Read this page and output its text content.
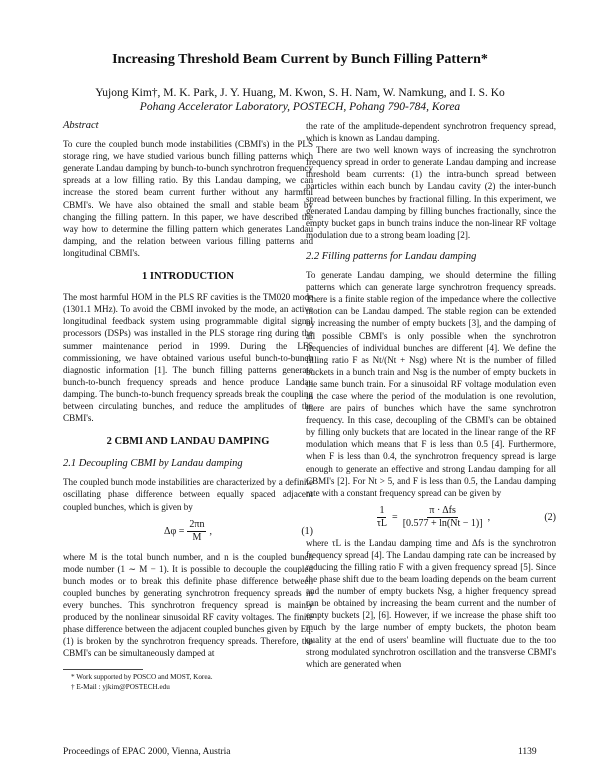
Increasing Threshold Beam Current by Bunch Filling Pattern*
Yujong Kim†, M. K. Park, J. Y. Huang, M. Kwon, S. H. Nam, W. Namkung, and I. S. Ko
Pohang Accelerator Laboratory, POSTECH, Pohang 790-784, Korea
Abstract

To cure the coupled bunch mode instabilities (CBMI's) in the PLS storage ring, we have studied various bunch filling patterns which generate Landau damping by bunch-to-bunch synchrotron frequency spreads at a low filling ratio. By this Landau damping, we can increase the stored beam current further without any harmful CBMI's. We have also obtained the small and stable beam by changing the filling pattern. In this paper, we have described the way how to determine the filling pattern which generates Landau damping, and the relation between various filling patterns and longitudinal CBMI's.

1 INTRODUCTION

The most harmful HOM in the PLS RF cavities is the TM020 mode (1301.1 MHz). To avoid the CBMI invoked by the mode, an active longitudinal feedback system using programmable digital signal processors (DSPs) was installed in the PLS storage ring during the summer maintenance period in 1999. During the LFS commissioning, we have obtained various useful bunch-to-bunch diagnostic information [1]. The bunch filling patterns generate bunch-to-bunch frequency spreads and hence produce Landau damping. The bunch-to-bunch frequency spreads break the coupling between circulating bunches, and reduce the amplitudes of the CBMI's.

2 CBMI AND LANDAU DAMPING
2.1 Decoupling CBMI by Landau damping

The coupled bunch mode instabilities are characterized by a definite oscillating phase difference between equally spaced adjacent coupled bunches, which is given by

$\Delta\varphi = \frac{2\pi n}{M}$ ,	(1)

where M is the total bunch number, and n is the coupled bunch mode number (1 ∼ M − 1). It is possible to decouple the coupled bunch modes or to break this definite phase difference between coupled bunches by generating synchrotron frequency spreads in every bunches. This synchrotron frequency spread is mainly produced by the nonlinear sinusoidal RF cavity voltages. The finite phase difference between the adjacent coupled bunches given by Eq. (1) is broken by the synchrotron frequency spreads. Therefore, the CBMI's can be simultaneously damped at

* Work supported by POSCO and MOST, Korea.
† E-Mail : yjkim@POSTECH.edu

the rate of the amplitude-dependent synchrotron frequency spread, which is known as Landau damping.

There are two well known ways of increasing the synchrotron frequency spread in order to generate Landau damping and increase threshold beam currents: (1) the intra-bunch spread between particles within each bunch by Landau cavity (2) the inter-bunch spread between bunches by fractional filling. In this experiment, we generated Landau damping by filling bunches fractionally, since the empty bucket gaps in bunch trains induce the non-linear RF voltage modulation due to a strong beam loading [2].

2.2 Filling patterns for Landau damping

To generate Landau damping, we should determine the filling patterns which can generate large synchrotron frequency spreads. There is a finite stable region of the impedance where the collective motion can be Landau damped. The stable region can be extended by increasing the number of empty buckets [3], and the damping of all possible CBMI's is only possible when the synchrotron frequencies of individual bunches are different [4]. We define the filling ratio F as Nt/(Nt + Nsg) where Nt is the number of filled buckets in a bunch train and Nsg is the number of empty buckets in the same bunch train. For a sinusoidal RF voltage modulation even in the case where the period of the modulation is one revolution, there are pairs of bunches which have the same synchrotron frequency. In this case, decoupling of the CBMI's can be obtained by filling only buckets that are located in the linear range of the RF modulation which means that F is less than 0.5 [4]. Furthermore, when F is less than 0.4, the synchrotron frequency spread is large enough to generate an effective and strong Landau damping for all CBMI's [2]. For Nt > 5, and F is less than 0.5, the Landau damping rate with a constant frequency spread can be given by

$\frac{1}{\tau L} = \frac{\text{π · Δfs}}{[0.577 + \ln(Nt - 1)]}$ ,	(2)

where τL is the Landau damping time and Δfs is the synchrotron frequency spread [4]. The Landau damping rate can be increased by reducing the filling ratio F with a given frequency spread [5]. Since the phase shift due to the beam loading depends on the beam current and the number of empty buckets Nsg, a higher frequency spread can be obtained by increasing the beam current and the number of empty buckets [2], [6]. However, if we increase the phase shift too much by the large number of empty buckets, the photon beam quality at the end of users' beamline will fluctuate due to the too strong modulated synchrotron oscillation and the transverse CBMI's which are generated when

Proceedings of EPAC 2000, Vienna, Austria	1139
